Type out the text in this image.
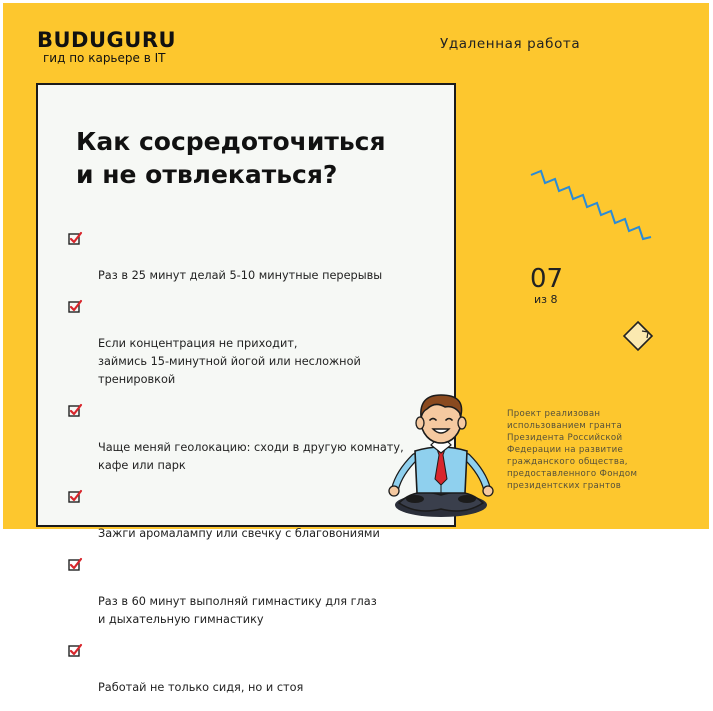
BUDUGURU
гид по карьере в IT
Удаленная работа
Как сосредоточиться
и не отвлекаться?

Раз в 25 минут делай 5-10 минутные перерывы

Если концентрация не приходит,
займись 15-минутной йогой или несложной тренировкой

Чаще меняй геолокацию: сходи в другую комнату,
кафе или парк

Зажги аромалампу или свечку с благовониями

Раз в 60 минут выполняй гимнастику для глаз
и дыхательную гимнастику

Работай не только сидя, но и стоя

07
из 8
Проект реализован
использованием гранта
Президента Российской
Федерации на развитие
гражданского общества,
предоставленного Фондом
президентских грантов
